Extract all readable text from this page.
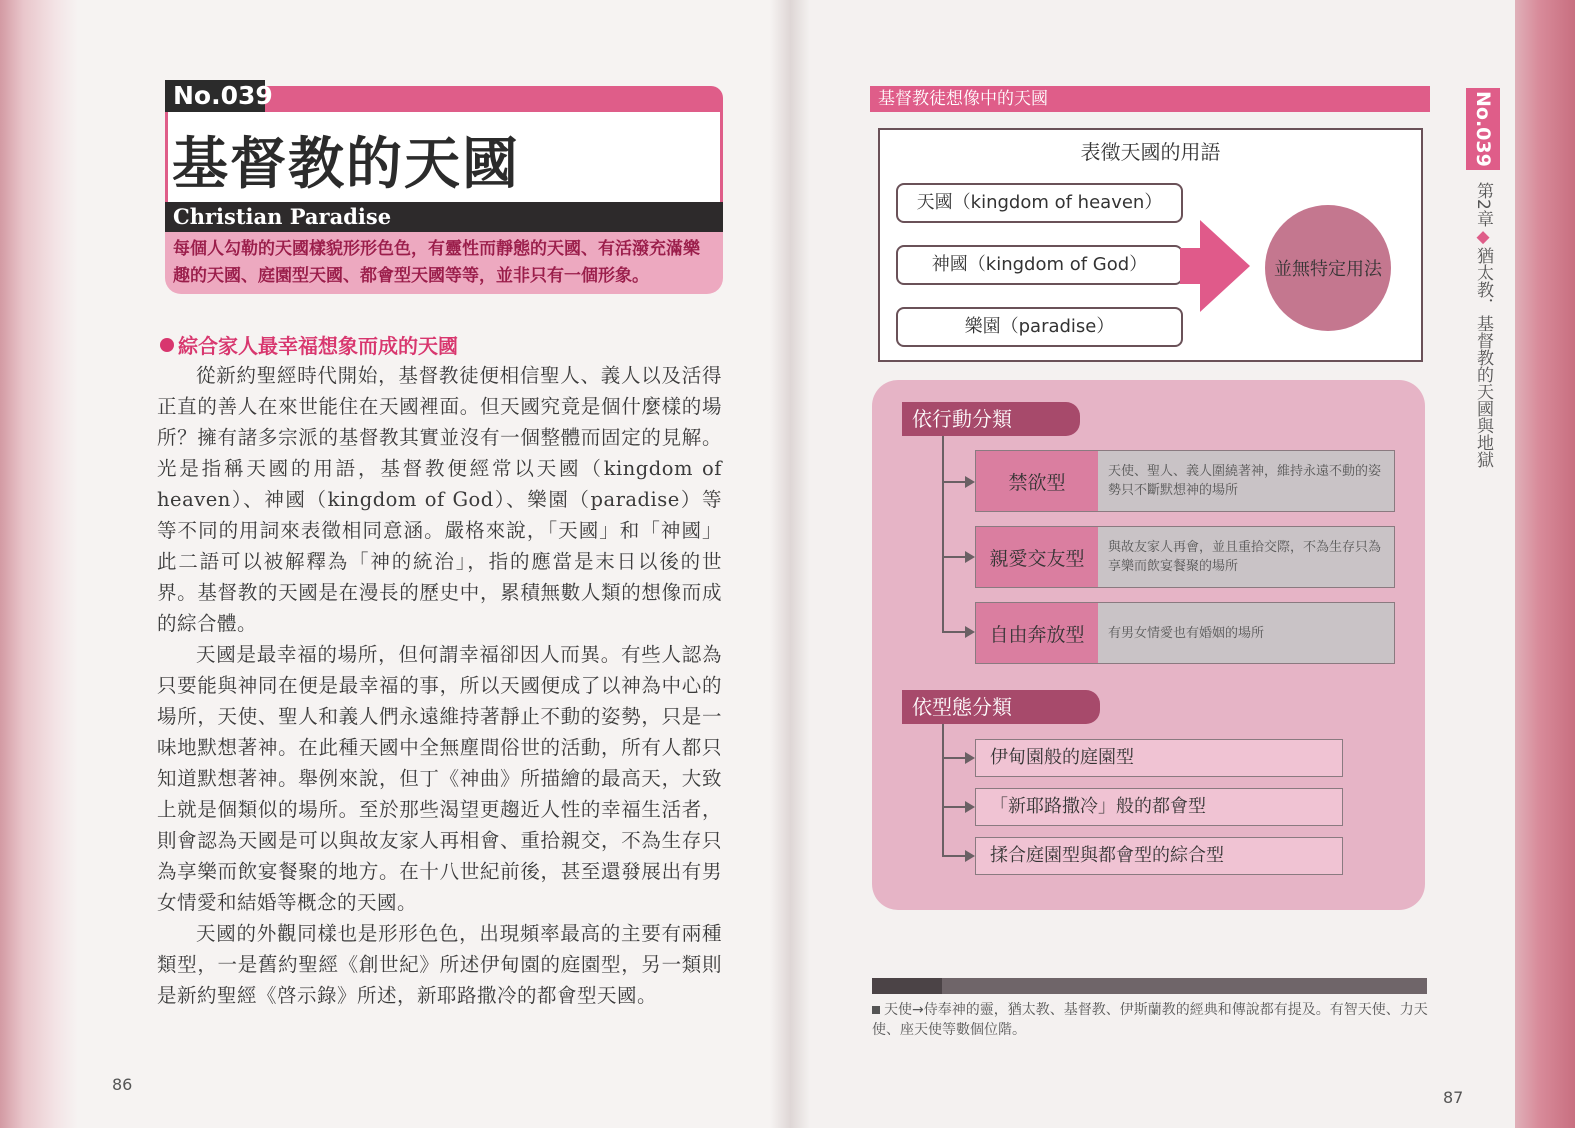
No.039
基督教的天國
Christian Paradise
每個人勾勒的天國樣貌形形色色，有靈性而靜態的天國、有活潑充滿樂趣的天國、庭園型天國、都會型天國等等，並非只有一個形象。
綜合家人最幸福想象而成的天國

從新約聖經時代開始，基督教徒便相信聖人、義人以及活得正直的善人在來世能住在天國裡面。但天國究竟是個什麼樣的場所？擁有諸多宗派的基督教其實並沒有一個整體而固定的見解。光是指稱天國的用語，基督教便經常以天國（kingdom of heaven）、神國（kingdom of God）、樂園（paradise）等等不同的用詞來表徵相同意涵。嚴格來說，「天國」和「神國」此二語可以被解釋為「神的統治」，指的應當是末日以後的世界。基督教的天國是在漫長的歷史中，累積無數人類的想像而成的綜合體。

天國是最幸福的場所，但何謂幸福卻因人而異。有些人認為只要能與神同在便是最幸福的事，所以天國便成了以神為中心的場所，天使、聖人和義人們永遠維持著靜止不動的姿勢，只是一味地默想著神。在此種天國中全無塵間俗世的活動，所有人都只知道默想著神。舉例來說，但丁《神曲》所描繪的最高天，大致上就是個類似的場所。至於那些渴望更趨近人性的幸福生活者，則會認為天國是可以與故友家人再相會、重拾親交，不為生存只為享樂而飲宴餐聚的地方。在十八世紀前後，甚至還發展出有男女情愛和結婚等概念的天國。

天國的外觀同樣也是形形色色，出現頻率最高的主要有兩種類型，一是舊約聖經《創世紀》所述伊甸園的庭園型，另一類則是新約聖經《啓示錄》所述，新耶路撒冷的都會型天國。

86
基督教徒想像中的天國
表徵天國的用語
天國（kingdom of heaven）
神國（kingdom of God）
樂園（paradise）
並無特定用法
依行動分類
禁欲型	天使、聖人、義人圍繞著神，維持永遠不動的姿勢只不斷默想神的場所
親愛交友型	與故友家人再會，並且重拾交際，不為生存只為享樂而飲宴餐聚的場所
自由奔放型	有男女情愛也有婚姻的場所
依型態分類
伊甸園般的庭園型
「新耶路撒冷」般的都會型
揉合庭園型與都會型的綜合型
天使→侍奉神的靈，猶太教、基督教、伊斯蘭教的經典和傳說都有提及。有智天使、力天使、座天使等數個位階。
No.039
第2章◆猶太教．基督教的天國與地獄
87
